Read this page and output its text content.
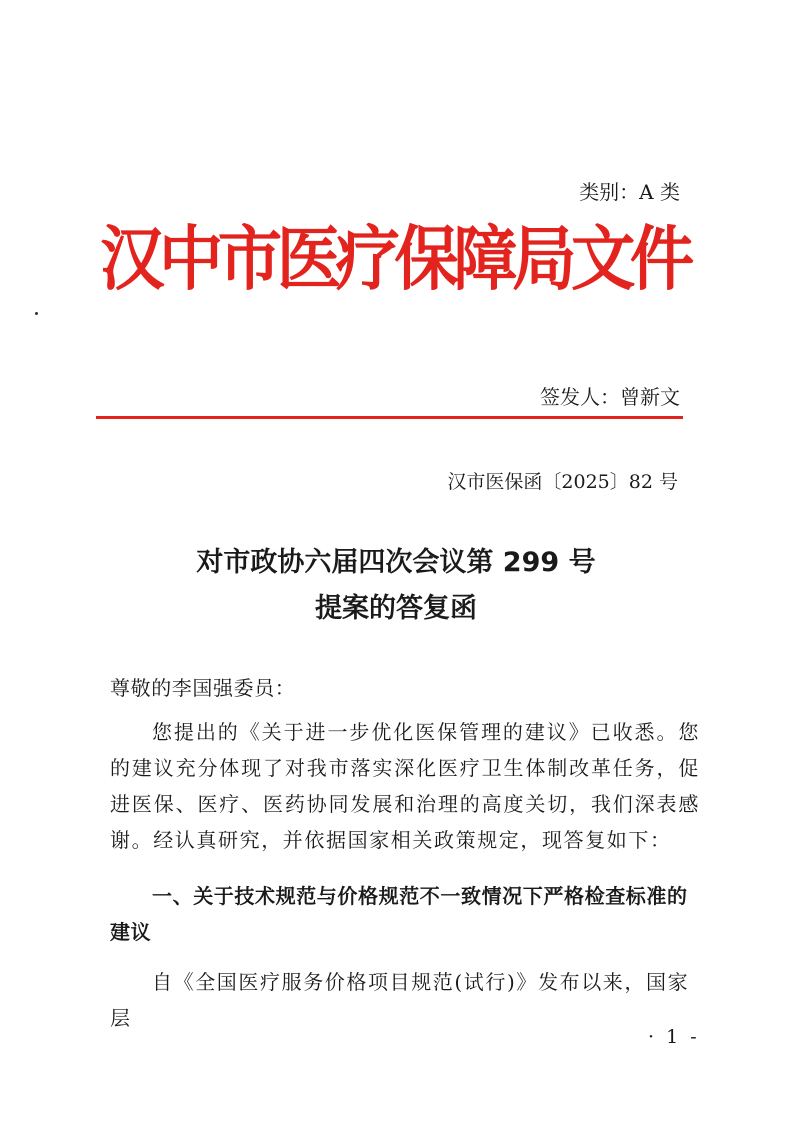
类别：A 类
汉中市医疗保障局文件
签发人：曾新文
汉市医保函〔2025〕82 号
对市政协六届四次会议第 299 号
提案的答复函
尊敬的李国强委员：
您提出的《关于进一步优化医保管理的建议》已收悉。您的建议充分体现了对我市落实深化医疗卫生体制改革任务，促进医保、医疗、医药协同发展和治理的高度关切，我们深表感谢。经认真研究，并依据国家相关政策规定，现答复如下：
一、关于技术规范与价格规范不一致情况下严格检查标准的建议
自《全国医疗服务价格项目规范(试行)》发布以来，国家层
· 1 -
